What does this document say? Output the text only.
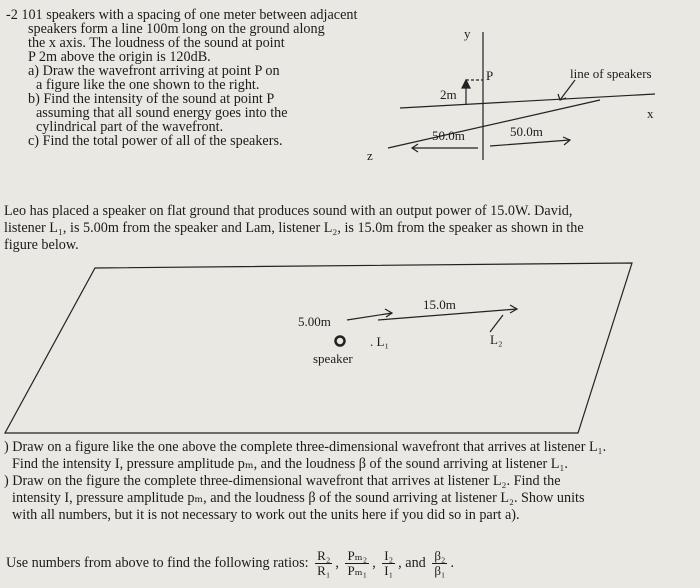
-2 101 speakers with a spacing of one meter between adjacent
speakers form a line 100m long on the ground along
the x axis. The loudness of the sound at point
P 2m above the origin is 120dB.
a) Draw the wavefront arriving at point P on
a figure like the one shown to the right.
b) Find the intensity of the sound at point P
assuming that all sound energy goes into the
cylindrical part of the wavefront.
c) Find the total power of all of the speakers.
y
x
z
P
2m
50.0m	50.0m
line of speakers
Leo has placed a speaker on flat ground that produces sound with an output power of 15.0W. David,
listener L₁, is 5.00m from the speaker and Lam, listener L₂, is 15.0m from the speaker as shown in the
figure below.
5.00m
15.0m
. L₁	L₂
speaker
) Draw on a figure like the one above the complete three-dimensional wavefront that arrives at listener L₁.
Find the intensity I, pressure amplitude pₘ, and the loudness β of the sound arriving at listener L₁.
) Draw on the figure the complete three-dimensional wavefront that arrives at listener L₂. Find the
intensity I, pressure amplitude pₘ, and the loudness β of the sound arriving at listener L₂. Show units
with all numbers, but it is not necessary to work out the units here if you did so in part a).
Use numbers from above to find the following ratios: $\frac{\text{R₂}}{\text{R₁}}$ , $\frac{\text{Pₘ₂}}{\text{Pₘ₁}}$ , $\frac{\text{I₂}}{\text{I₁}}$ , and $\frac{\text{β₂}}{\text{β₁}}$ .
